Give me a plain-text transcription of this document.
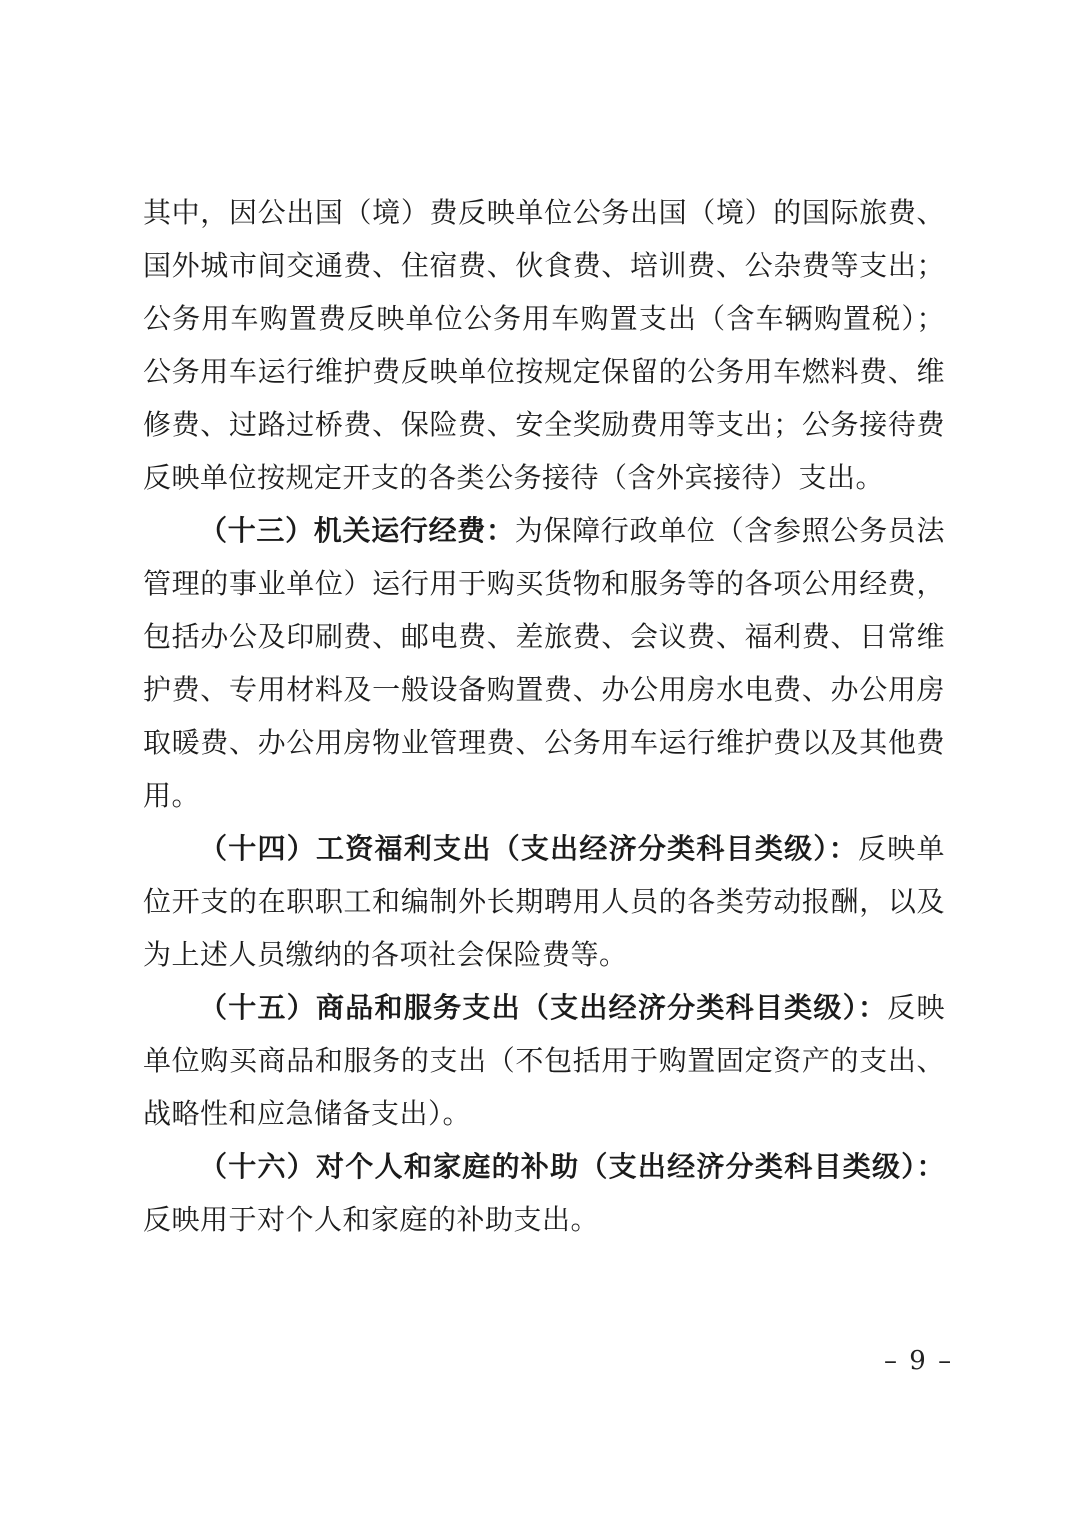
其中，因公出国（境）费反映单位公务出国（境）的国际旅费、国外城市间交通费、住宿费、伙食费、培训费、公杂费等支出；公务用车购置费反映单位公务用车购置支出（含车辆购置税）；公务用车运行维护费反映单位按规定保留的公务用车燃料费、维修费、过路过桥费、保险费、安全奖励费用等支出；公务接待费反映单位按规定开支的各类公务接待（含外宾接待）支出。

（十三）机关运行经费：为保障行政单位（含参照公务员法管理的事业单位）运行用于购买货物和服务等的各项公用经费，包括办公及印刷费、邮电费、差旅费、会议费、福利费、日常维护费、专用材料及一般设备购置费、办公用房水电费、办公用房取暖费、办公用房物业管理费、公务用车运行维护费以及其他费用。

（十四）工资福利支出（支出经济分类科目类级）：反映单位开支的在职职工和编制外长期聘用人员的各类劳动报酬，以及为上述人员缴纳的各项社会保险费等。

（十五）商品和服务支出（支出经济分类科目类级）：反映单位购买商品和服务的支出（不包括用于购置固定资产的支出、战略性和应急储备支出）。

（十六）对个人和家庭的补助（支出经济分类科目类级）：反映用于对个人和家庭的补助支出。

– 9 –
